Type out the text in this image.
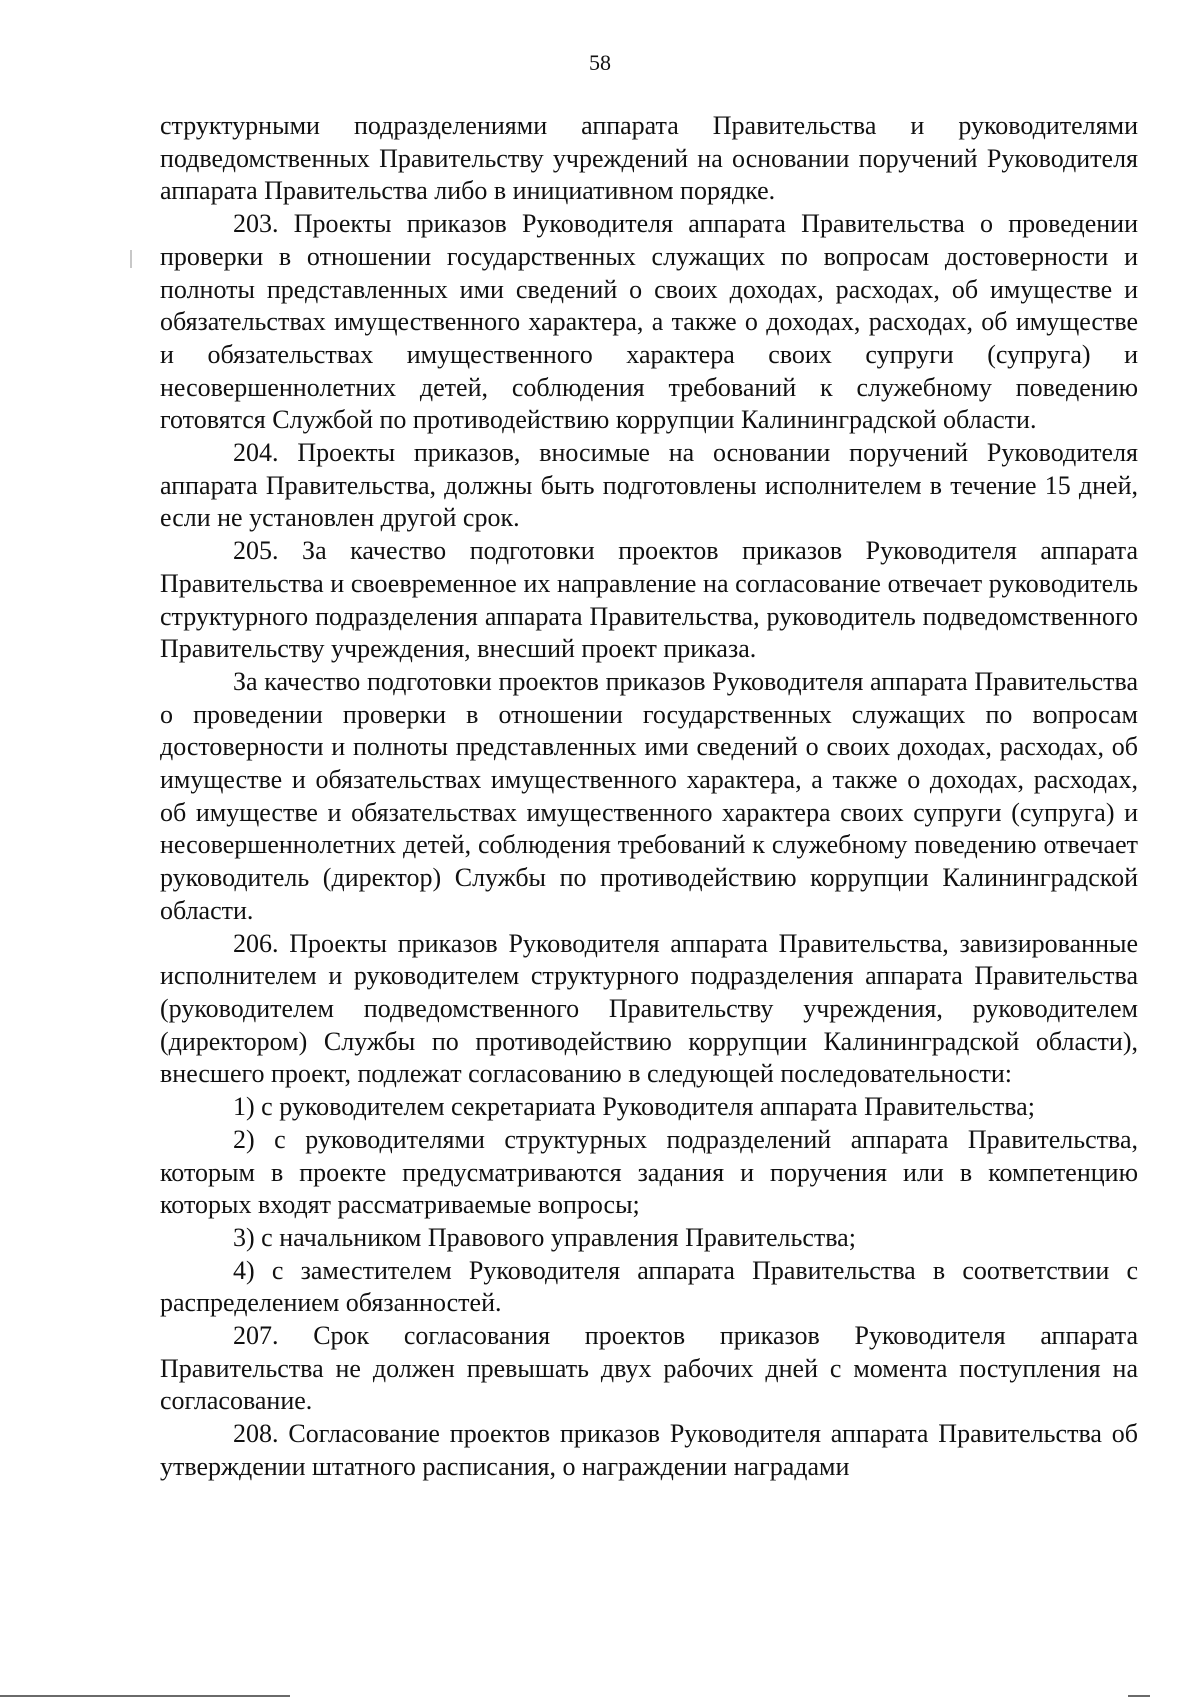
58

структурными подразделениями аппарата Правительства и руководителями подведомственных Правительству учреждений на основании поручений Руководителя аппарата Правительства либо в инициативном порядке.

203. Проекты приказов Руководителя аппарата Правительства о проведении проверки в отношении государственных служащих по вопросам достоверности и полноты представленных ими сведений о своих доходах, расходах, об имуществе и обязательствах имущественного характера, а также о доходах, расходах, об имуществе и обязательствах имущественного характера своих супруги (супруга) и несовершеннолетних детей, соблюдения требований к служебному поведению готовятся Службой по противодействию коррупции Калининградской области.

204. Проекты приказов, вносимые на основании поручений Руководителя аппарата Правительства, должны быть подготовлены исполнителем в течение 15 дней, если не установлен другой срок.

205. За качество подготовки проектов приказов Руководителя аппарата Правительства и своевременное их направление на согласование отвечает руководитель структурного подразделения аппарата Правительства, руководитель подведомственного Правительству учреждения, внесший проект приказа.

За качество подготовки проектов приказов Руководителя аппарата Правительства о проведении проверки в отношении государственных служащих по вопросам достоверности и полноты представленных ими сведений о своих доходах, расходах, об имуществе и обязательствах имущественного характера, а также о доходах, расходах, об имуществе и обязательствах имущественного характера своих супруги (супруга) и несовершеннолетних детей, соблюдения требований к служебному поведению отвечает руководитель (директор) Службы по противодействию коррупции Калининградской области.

206. Проекты приказов Руководителя аппарата Правительства, завизированные исполнителем и руководителем структурного подразделения аппарата Правительства (руководителем подведомственного Правительству учреждения, руководителем (директором) Службы по противодействию коррупции Калининградской области), внесшего проект, подлежат согласованию в следующей последовательности:

1) с руководителем секретариата Руководителя аппарата Правительства;

2) с руководителями структурных подразделений аппарата Правительства, которым в проекте предусматриваются задания и поручения или в компетенцию которых входят рассматриваемые вопросы;

3) с начальником Правового управления Правительства;

4) с заместителем Руководителя аппарата Правительства в соответствии с распределением обязанностей.

207. Срок согласования проектов приказов Руководителя аппарата Правительства не должен превышать двух рабочих дней с момента поступления на согласование.

208. Согласование проектов приказов Руководителя аппарата Правительства об утверждении штатного расписания, о награждении наградами
